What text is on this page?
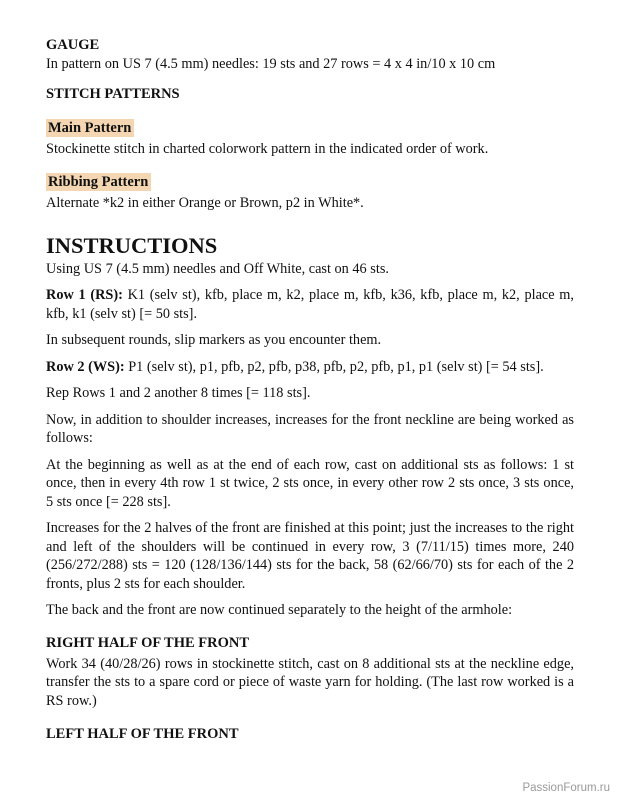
GAUGE

In pattern on US 7 (4.5 mm) needles: 19 sts and 27 rows = 4 x 4 in/10 x 10 cm

STITCH PATTERNS

Main Pattern

Stockinette stitch in charted colorwork pattern in the indicated order of work.

Ribbing Pattern

Alternate *k2 in either Orange or Brown, p2 in White*.

INSTRUCTIONS

Using US 7 (4.5 mm) needles and Off White, cast on 46 sts.

Row 1 (RS): K1 (selv st), kfb, place m, k2, place m, kfb, k36, kfb, place m, k2, place m, kfb, k1 (selv st) [= 50 sts].

In subsequent rounds, slip markers as you encounter them.

Row 2 (WS): P1 (selv st), p1, pfb, p2, pfb, p38, pfb, p2, pfb, p1, p1 (selv st) [= 54 sts].

Rep Rows 1 and 2 another 8 times [= 118 sts].

Now, in addition to shoulder increases, increases for the front neckline are being worked as follows:

At the beginning as well as at the end of each row, cast on additional sts as follows: 1 st once, then in every 4th row 1 st twice, 2 sts once, in every other row 2 sts once, 3 sts once, 5 sts once [= 228 sts].

Increases for the 2 halves of the front are finished at this point; just the increases to the right and left of the shoulders will be continued in every row, 3 (7/11/15) times more, 240 (256/272/288) sts = 120 (128/136/144) sts for the back, 58 (62/66/70) sts for each of the 2 fronts, plus 2 sts for each shoulder.

The back and the front are now continued separately to the height of the armhole:

RIGHT HALF OF THE FRONT

Work 34 (40/28/26) rows in stockinette stitch, cast on 8 additional sts at the neckline edge, transfer the sts to a spare cord or piece of waste yarn for holding. (The last row worked is a RS row.)

LEFT HALF OF THE FRONT

PassionForum.ru
